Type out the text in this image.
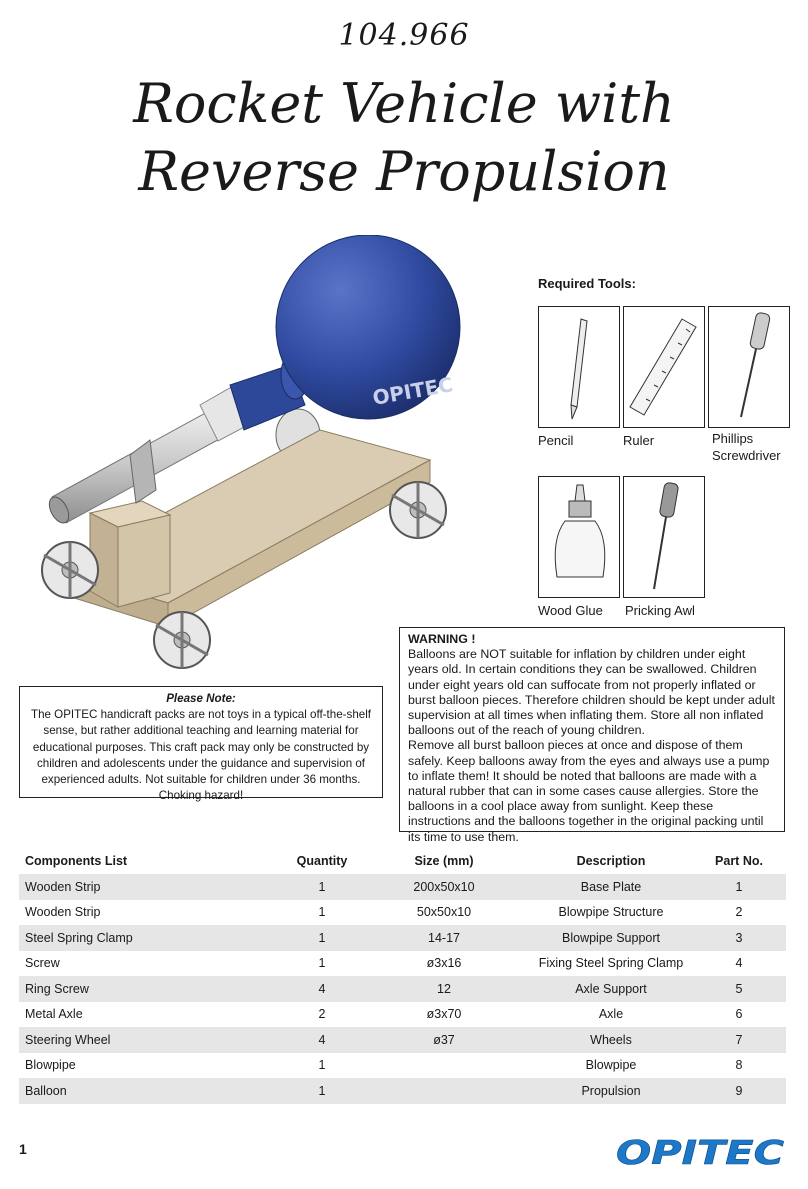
104.966
Rocket Vehicle with
Reverse Propulsion
OPITEC
Required Tools:
Pencil	Ruler	Phillips
Screwdriver
Wood Glue Pricking Awl
WARNING !
Balloons are NOT suitable for inflation by children under eight years old. In certain conditions they can be swallowed. Children under eight years old can suffocate from not properly inflated or burst balloon pieces. Therefore children should be kept under adult supervision at all times when inflating them. Store all non inflated balloons out of the reach of young children.
Remove all burst balloon pieces at once and dispose of them safely. Keep balloons away from the eyes and always use a pump to inflate them! It should be noted that balloons are made with a natural rubber that can in some cases cause allergies. Store the balloons in a cool place away from sunlight. Keep these instructions and the balloons together in the original packing until its time to use them.
Please Note:
The OPITEC handicraft packs are not toys in a typical off-the-shelf sense, but rather additional teaching and learning material for educational purposes. This craft pack may only be constructed by children and adolescents under the guidance and supervision of experienced adults. Not suitable for children under 36 months. Choking hazard!
Components List	Quantity	Size (mm)	Description	Part No.
Wooden Strip	1	200x50x10	Base Plate	1
Wooden Strip	1	50x50x10	Blowpipe Structure	2
Steel Spring Clamp	1	14-17	Blowpipe Support	3
Screw	1	ø3x16	Fixing Steel Spring Clamp	4
Ring Screw	4	12	Axle Support	5
Metal Axle	2	ø3x70	Axle	6
Steering Wheel	4	ø37	Wheels	7
Blowpipe	1		Blowpipe	8
Balloon	1		Propulsion	9
1	OPITEC
